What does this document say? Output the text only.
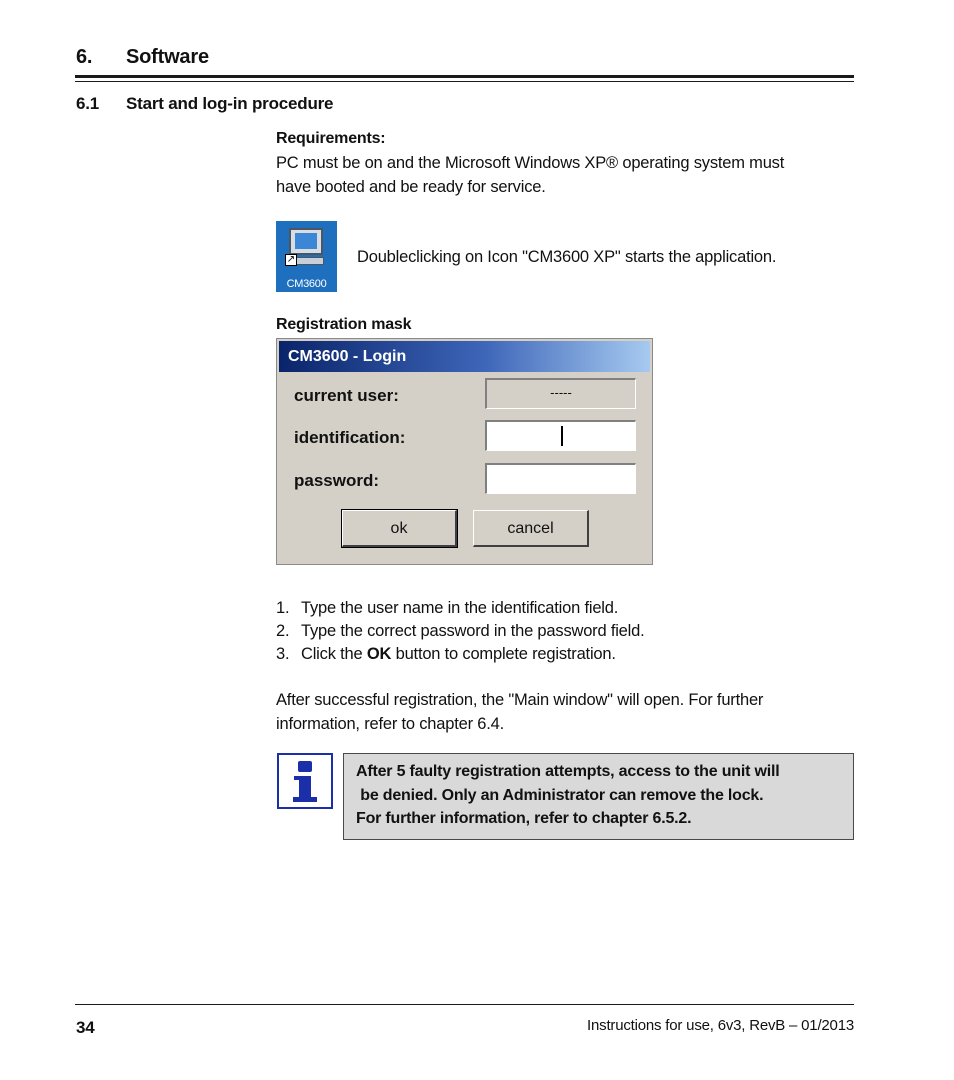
6.	Software
6.1	Start and log-in procedure
Requirements:
PC must be on and the Microsoft Windows XP® operating system must
have booted and be ready for service.
↗
CM3600
Doubleclicking on Icon "CM3600 XP" starts the application.
Registration mask
CM3600 - Login
current user:	-----
identification:
password:
ok	cancel
1. Type the user name in the identification field.
2. Type the correct password in the password field.
3. Click the OK button to complete registration.
After successful registration, the "Main window" will open. For further
information, refer to chapter 6.4.
After 5 faulty registration attempts, access to the unit will
be denied. Only an Administrator can remove the lock.
For further information, refer to chapter 6.5.2.
34	Instructions for use, 6v3, RevB – 01/2013
